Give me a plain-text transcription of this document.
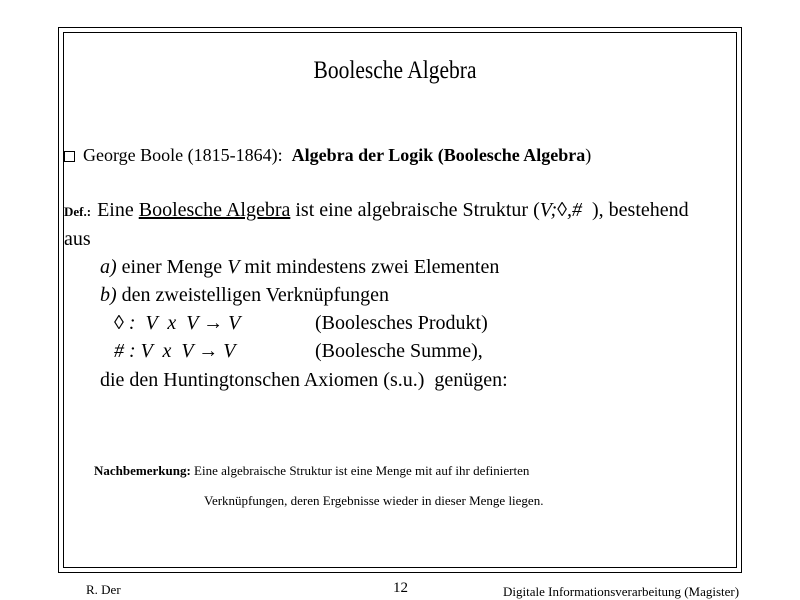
Boolesche Algebra
George Boole (1815-1864): Algebra der Logik (Boolesche Algebra )
Def.: Eine Boolesche Algebra ist eine algebraische Struktur (V;◊,#  ), bestehend
aus
a) einer Menge V mit mindestens zwei Elementen
b) den zweistelligen Verknüpfungen
◊ :  V  x  V → V	(Boolesches Produkt)
# : V  x  V → V	(Boolesche Summe),
die den Huntingtonschen Axiomen (s.u.)  genügen:
Nachbemerkung: Eine algebraische Struktur ist eine Menge mit auf ihr definierten
Verknüpfungen, deren Ergebnisse wieder in dieser Menge liegen.
R. Der	12	Digitale Informationsverarbeitung (Magister)
